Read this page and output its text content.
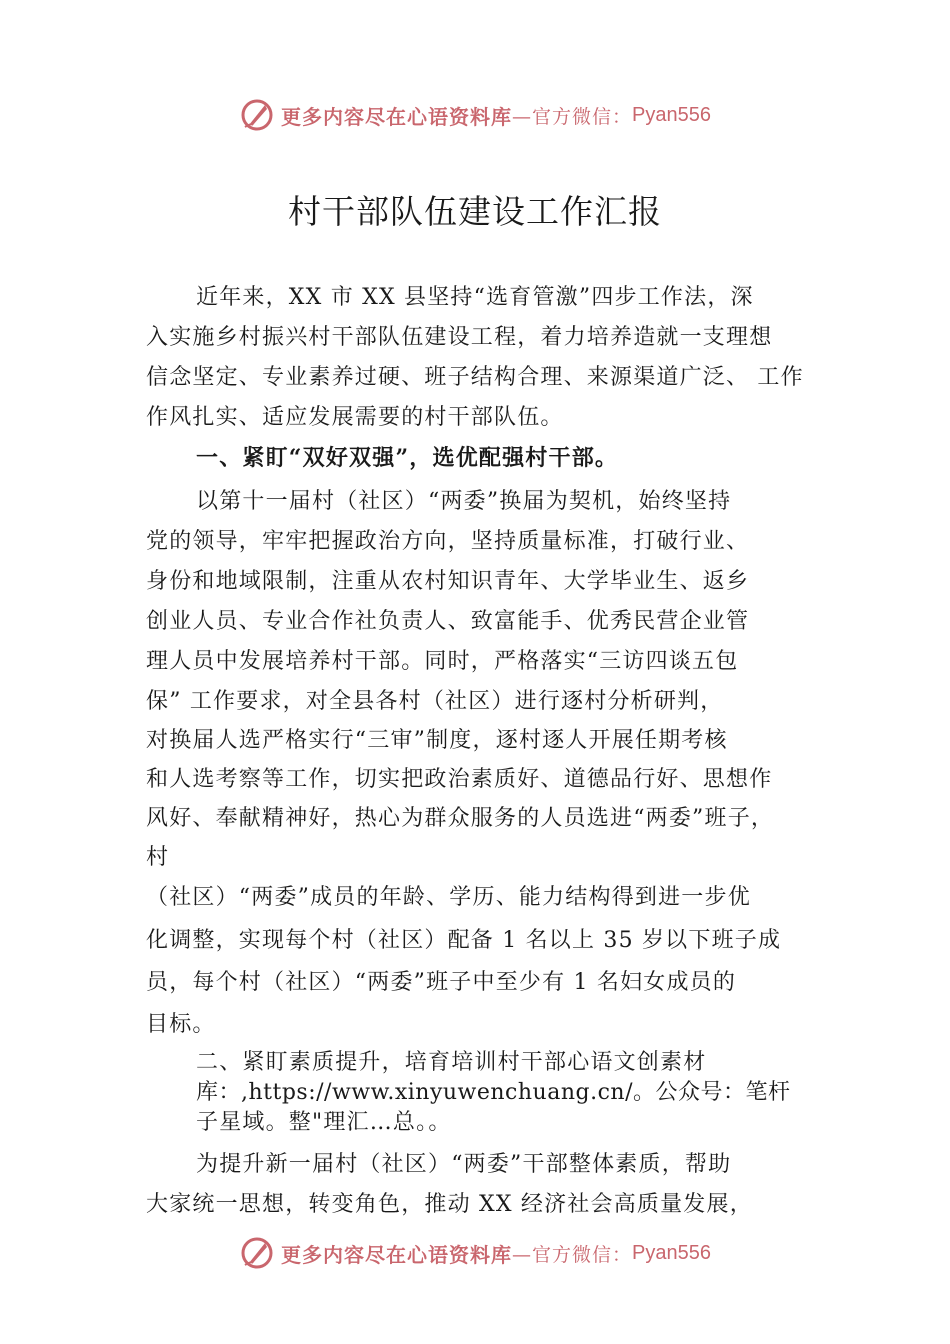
更多内容尽在心语资料库 —官方微信： Pyan556
村干部队伍建设工作汇报
近年来，XX 市 XX 县坚持“选育管激”四步工作法，深
入实施乡村振兴村干部队伍建设工程，着力培养造就一支理想
信念坚定、专业素养过硬、班子结构合理、来源渠道广泛、 工作
作风扎实、适应发展需要的村干部队伍。
一、紧盯“双好双强”，选优配强村干部。
以第十一届村（社区）“两委”换届为契机，始终坚持
党的领导，牢牢把握政治方向，坚持质量标准，打破行业、
身份和地域限制，注重从农村知识青年、大学毕业生、返乡
创业人员、专业合作社负责人、致富能手、优秀民营企业管
理人员中发展培养村干部。同时，严格落实“三访四谈五包
保” 工作要求，对全县各村（社区）进行逐村分析研判，
对换届人选严格实行“三审”制度，逐村逐人开展任期考核
和人选考察等工作，切实把政治素质好、道德品行好、思想作
风好、奉献精神好，热心为群众服务的人员选进“两委”班子，
村
（社区）“两委”成员的年龄、学历、能力结构得到进一步优
化调整，实现每个村（社区）配备 1 名以上 35 岁以下班子成
员，每个村（社区）“两委”班子中至少有 1 名妇女成员的
目标。
二、紧盯素质提升，培育培训村干部心语文创素材
库：,https://www.xinyuwenchuang.cn/。公众号：笔杆
子星域。整"理汇…总。。
为提升新一届村（社区）“两委”干部整体素质，帮助
大家统一思想，转变角色，推动 XX 经济社会高质量发展，
更多内容尽在心语资料库 —官方微信： Pyan556
